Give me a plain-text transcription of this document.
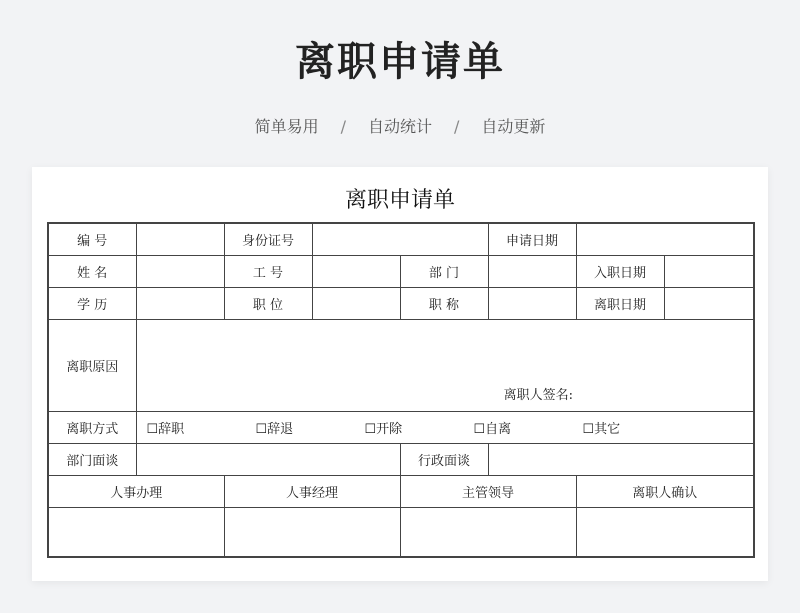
离职申请单
简单易用 / 自动统计 / 自动更新
离职申请单
编 号		身份证号			申请日期		
姓 名		工 号		部 门		入职日期	
学 历		职 位		职 称		离职日期	
离职原因	离职人签名:						

离职方式	☐辞职 ☐辞退 ☐开除 ☐自离 ☐其它						
部门面谈				行政面谈			
人事办理		人事经理		主管领导		离职人确认	
